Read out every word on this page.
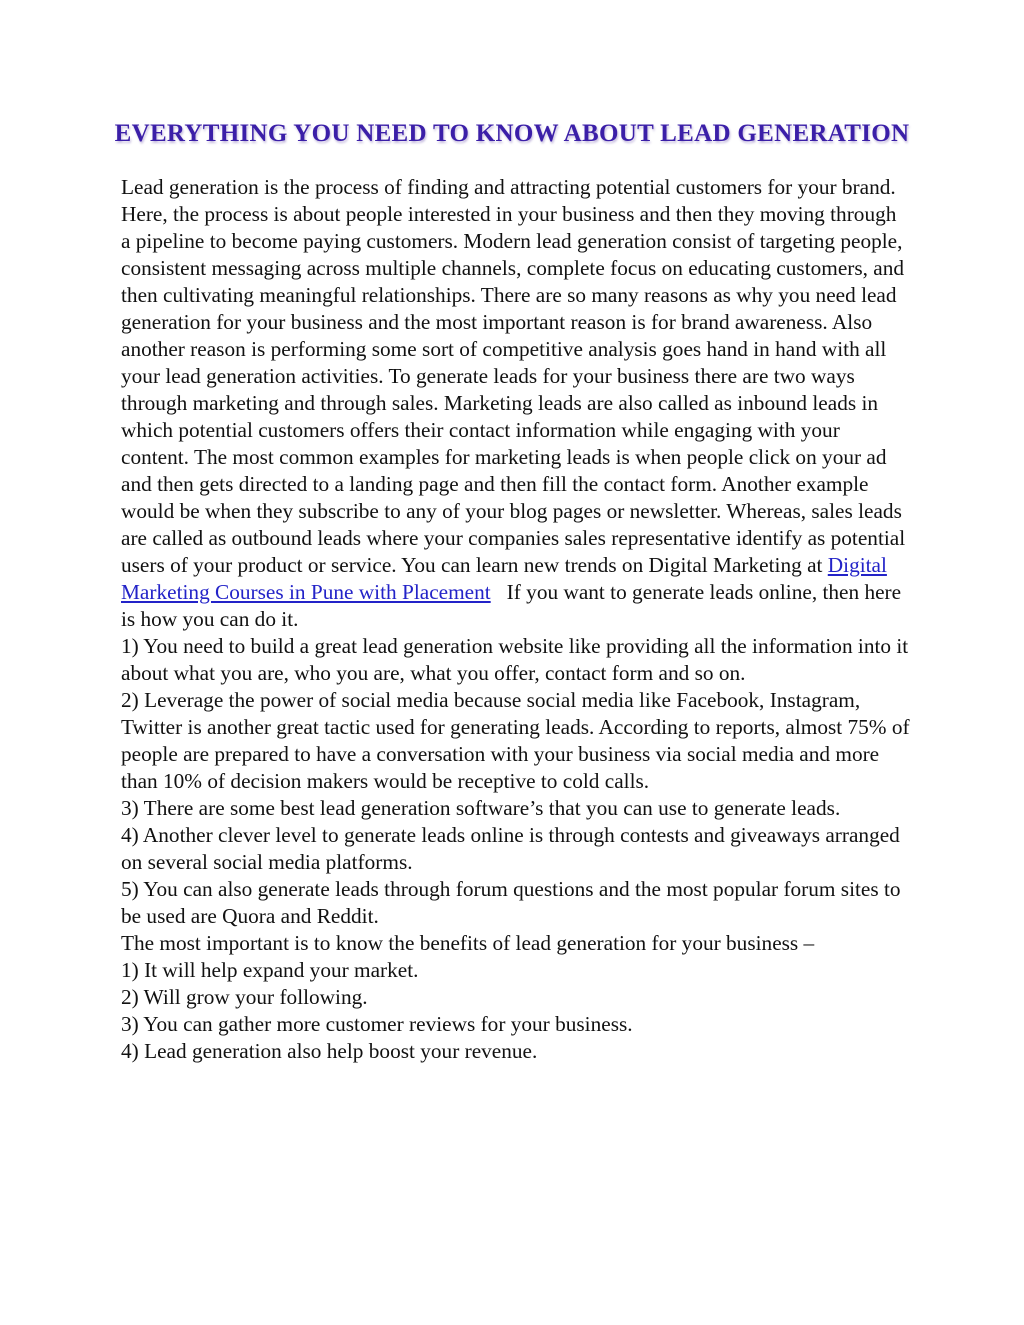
EVERYTHING YOU NEED TO KNOW ABOUT LEAD GENERATION

Lead generation is the process of finding and attracting potential customers for your brand. Here, the process is about people interested in your business and then they moving through a pipeline to become paying customers. Modern lead generation consist of targeting people, consistent messaging across multiple channels, complete focus on educating customers, and then cultivating meaningful relationships. There are so many reasons as why you need lead generation for your business and the most important reason is for brand awareness. Also another reason is performing some sort of competitive analysis goes hand in hand with all your lead generation activities. To generate leads for your business there are two ways through marketing and through sales. Marketing leads are also called as inbound leads in which potential customers offers their contact information while engaging with your content. The most common examples for marketing leads is when people click on your ad and then gets directed to a landing page and then fill the contact form. Another example would be when they subscribe to any of your blog pages or newsletter. Whereas, sales leads are called as outbound leads where your companies sales representative identify as potential users of your product or service. You can learn new trends on Digital Marketing at Digital Marketing Courses in Pune with Placement If you want to generate leads online, then here is how you can do it.

1) You need to build a great lead generation website like providing all the information into it about what you are, who you are, what you offer, contact form and so on.

2) Leverage the power of social media because social media like Facebook, Instagram, Twitter is another great tactic used for generating leads. According to reports, almost 75% of people are prepared to have a conversation with your business via social media and more than 10% of decision makers would be receptive to cold calls.

3) There are some best lead generation software’s that you can use to generate leads.

4) Another clever level to generate leads online is through contests and giveaways arranged on several social media platforms.

5) You can also generate leads through forum questions and the most popular forum sites to be used are Quora and Reddit.

The most important is to know the benefits of lead generation for your business –

1) It will help expand your market.

2) Will grow your following.

3) You can gather more customer reviews for your business.

4) Lead generation also help boost your revenue.
